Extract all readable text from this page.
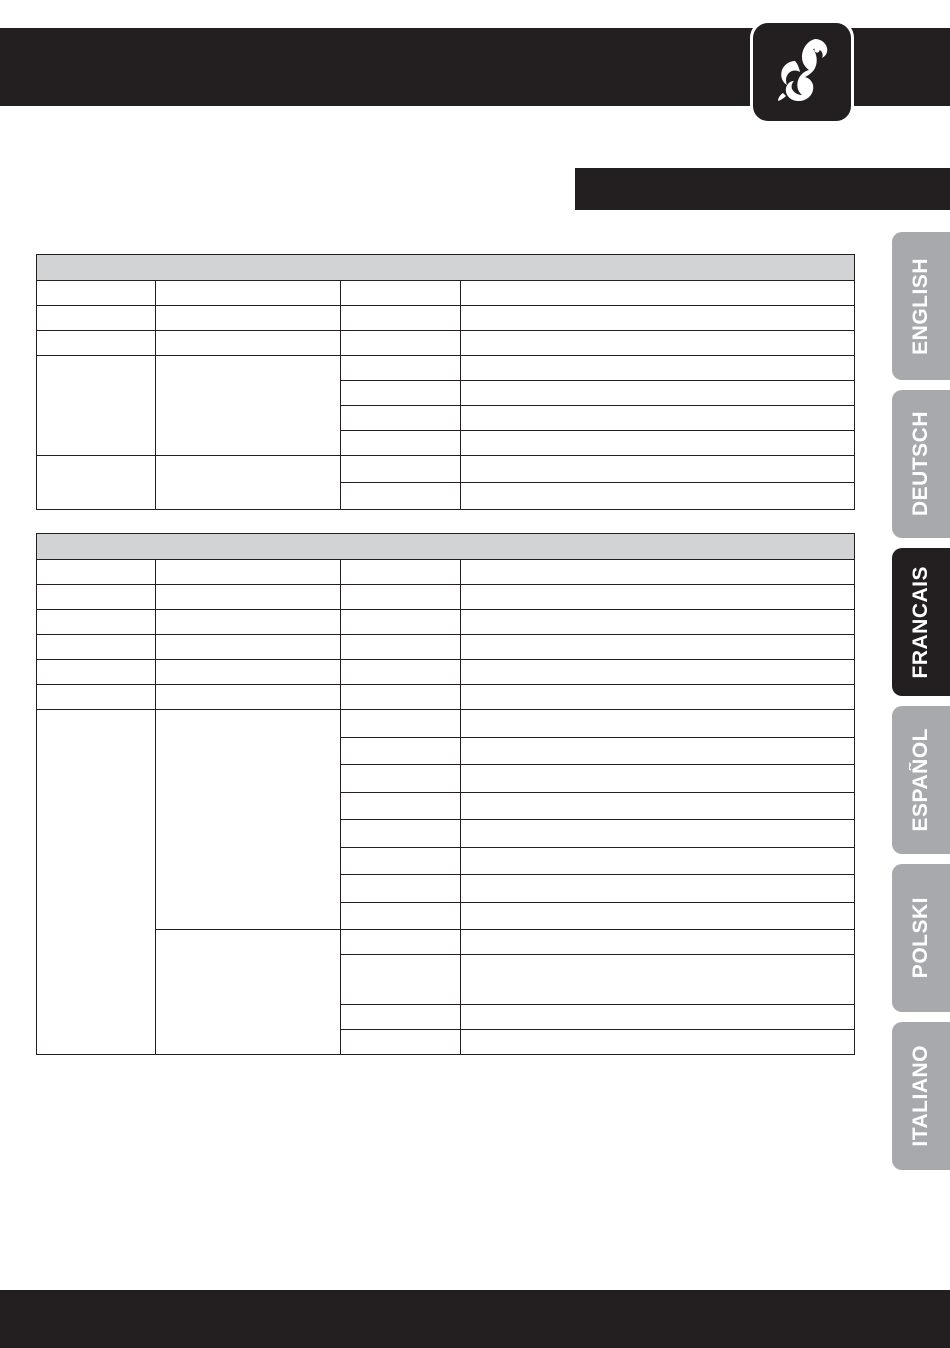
ENGLISH
DEUTSCH
FRANCAIS
ESPAÑOL
POLSKI
ITALIANO
